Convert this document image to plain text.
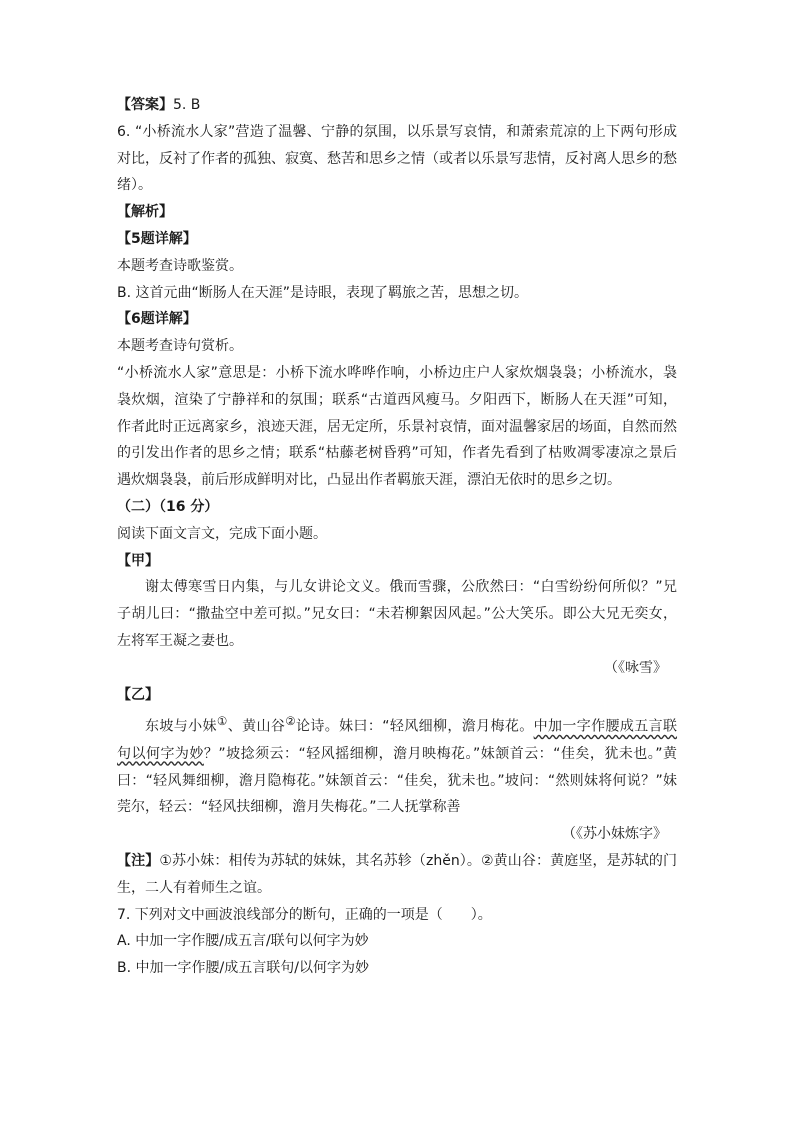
【答案】5. B
6. “小桥流水人家”营造了温馨、宁静的氛围，以乐景写哀情，和萧索荒凉的上下两句形成对比，反衬了作者的孤独、寂寞、愁苦和思乡之情（或者以乐景写悲情，反衬离人思乡的愁绪）。
【解析】
【5题详解】
本题考查诗歌鉴赏。
B. 这首元曲“断肠人在天涯”是诗眼，表现了羁旅之苦，思想之切。
【6题详解】
本题考查诗句赏析。
“小桥流水人家”意思是：小桥下流水哗哗作响，小桥边庄户人家炊烟袅袅；小桥流水，袅袅炊烟，渲染了宁静祥和的氛围；联系“古道西风瘦马。夕阳西下，断肠人在天涯”可知，作者此时正远离家乡，浪迹天涯，居无定所，乐景衬哀情，面对温馨家居的场面，自然而然的引发出作者的思乡之情；联系“枯藤老树昏鸦”可知，作者先看到了枯败凋零凄凉之景后遇炊烟袅袅，前后形成鲜明对比，凸显出作者羁旅天涯，漂泊无依时的思乡之切。
（二）（16 分）
阅读下面文言文，完成下面小题。
【甲】
谢太傅寒雪日内集，与儿女讲论文义。俄而雪骤，公欣然曰：“白雪纷纷何所似？”兄子胡儿曰：“撒盐空中差可拟。”兄女曰：“未若柳絮因风起。”公大笑乐。即公大兄无奕女，左将军王凝之妻也。
（《咏雪》
【乙】
东坡与小妹①、黄山谷②论诗。妹曰：“轻风细柳，澹月梅花。中加一字作腰成五言联句以何字为妙？”坡捻须云：“轻风摇细柳，澹月映梅花。”妹颔首云：“佳矣，犹未也。”黄曰：“轻风舞细柳，澹月隐梅花。”妹颔首云：“佳矣，犹未也。”坡问：“然则妹将何说？”妹莞尔，轻云：“轻风扶细柳，澹月失梅花。”二人抚掌称善
（《苏小妹炼字》
【注】①苏小妹：相传为苏轼的妹妹，其名苏轸（zhěn）。②黄山谷：黄庭坚，是苏轼的门生，二人有着师生之谊。
7. 下列对文中画波浪线部分的断句，正确的一项是（　　）。
A. 中加一字作腰/成五言/联句以何字为妙
B. 中加一字作腰/成五言联句/以何字为妙
